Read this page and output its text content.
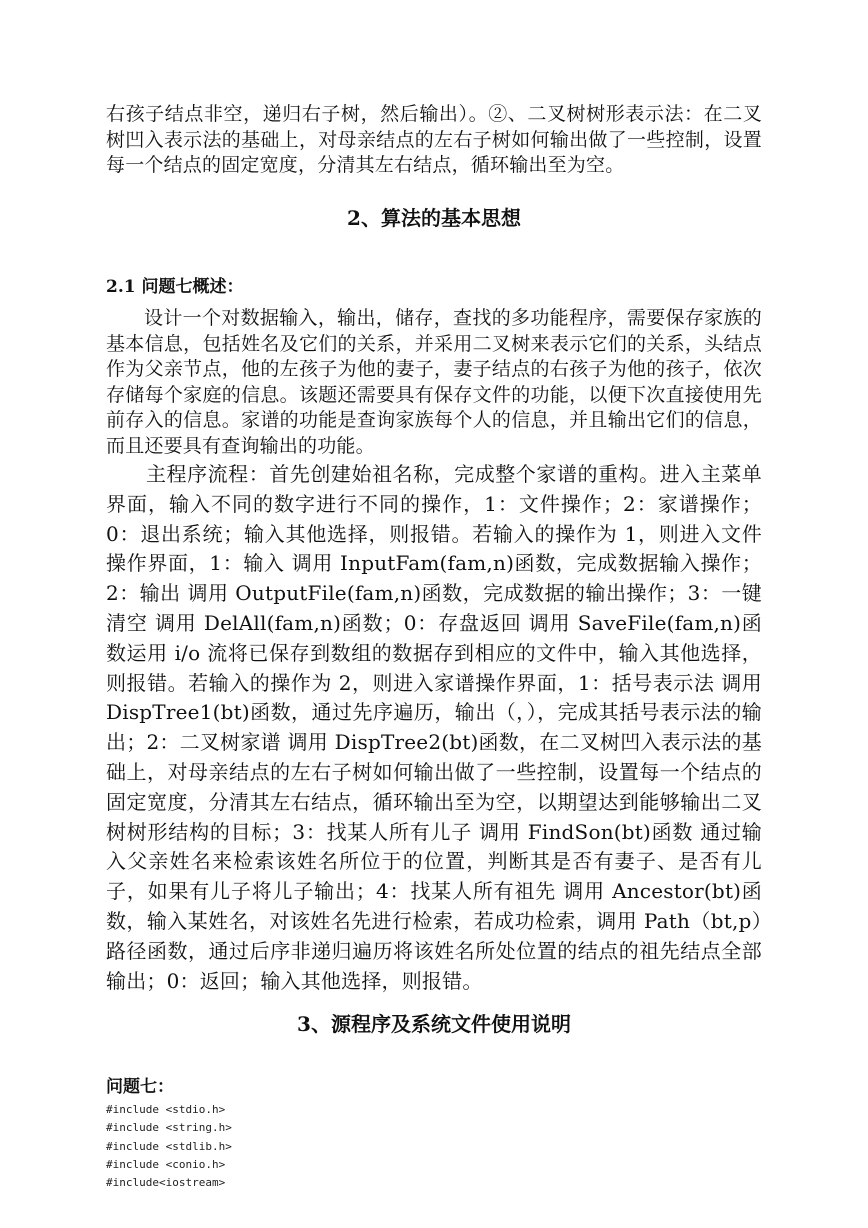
右孩子结点非空，递归右子树，然后输出）。②、二叉树树形表示法：在二叉树凹入表示法的基础上，对母亲结点的左右子树如何输出做了一些控制，设置每一个结点的固定宽度，分清其左右结点，循环输出至为空。

2、算法的基本思想
2.1 问题七概述：

设计一个对数据输入，输出，储存，查找的多功能程序，需要保存家族的基本信息，包括姓名及它们的关系，并采用二叉树来表示它们的关系，头结点作为父亲节点，他的左孩子为他的妻子，妻子结点的右孩子为他的孩子，依次存储每个家庭的信息。该题还需要具有保存文件的功能，以便下次直接使用先前存入的信息。家谱的功能是查询家族每个人的信息，并且输出它们的信息，而且还要具有查询输出的功能。

主程序流程：首先创建始祖名称，完成整个家谱的重构。进入主菜单界面，输入不同的数字进行不同的操作，1：文件操作；2：家谱操作；0：退出系统；输入其他选择，则报错。若输入的操作为 1，则进入文件操作界面，1：输入 调用 InputFam(fam,n)函数，完成数据输入操作；2：输出 调用 OutputFile(fam,n)函数，完成数据的输出操作；3：一键清空 调用 DelAll(fam,n)函数；0：存盘返回 调用 SaveFile(fam,n)函数运用 i/o 流将已保存到数组的数据存到相应的文件中，输入其他选择，则报错。若输入的操作为 2，则进入家谱操作界面，1：括号表示法 调用 DispTree1(bt)函数，通过先序遍历，输出（，），完成其括号表示法的输出；2：二叉树家谱 调用 DispTree2(bt)函数，在二叉树凹入表示法的基础上，对母亲结点的左右子树如何输出做了一些控制，设置每一个结点的固定宽度，分清其左右结点，循环输出至为空，以期望达到能够输出二叉树树形结构的目标；3：找某人所有儿子 调用 FindSon(bt)函数 通过输入父亲姓名来检索该姓名所位于的位置，判断其是否有妻子、是否有儿子，如果有儿子将儿子输出；4：找某人所有祖先 调用 Ancestor(bt)函数，输入某姓名，对该姓名先进行检索，若成功检索，调用 Path（bt,p）路径函数，通过后序非递归遍历将该姓名所处位置的结点的祖先结点全部输出；0：返回；输入其他选择，则报错。

3、源程序及系统文件使用说明
问题七：
#include <stdio.h>
#include <string.h>
#include <stdlib.h>
#include <conio.h>
#include<iostream>
